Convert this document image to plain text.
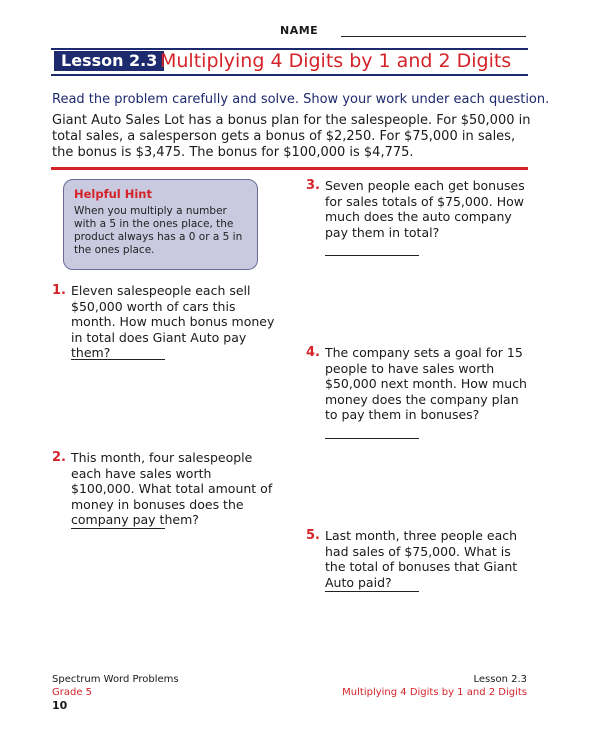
NAME
Lesson 2.3 Multiplying 4 Digits by 1 and 2 Digits
Read the problem carefully and solve. Show your work under each question.
Giant Auto Sales Lot has a bonus plan for the salespeople. For $50,000 in total sales, a salesperson gets a bonus of $2,250. For $75,000 in sales, the bonus is $3,475. The bonus for $100,000 is $4,775.
Helpful Hint
When you multiply a number with a 5 in the ones place, the product always has a 0 or a 5 in the ones place.
1. Eleven salespeople each sell $50,000 worth of cars this month. How much bonus money in total does Giant Auto pay them?
2. This month, four salespeople each have sales worth $100,000. What total amount of money in bonuses does the company pay them?
3. Seven people each get bonuses for sales totals of $75,000. How much does the auto company pay them in total?
4. The company sets a goal for 15 people to have sales worth $50,000 next month. How much money does the company plan to pay them in bonuses?
5. Last month, three people each had sales of $75,000. What is the total of bonuses that Giant Auto paid?
Spectrum Word Problems
Grade 5
10
Lesson 2.3
Multiplying 4 Digits by 1 and 2 Digits
